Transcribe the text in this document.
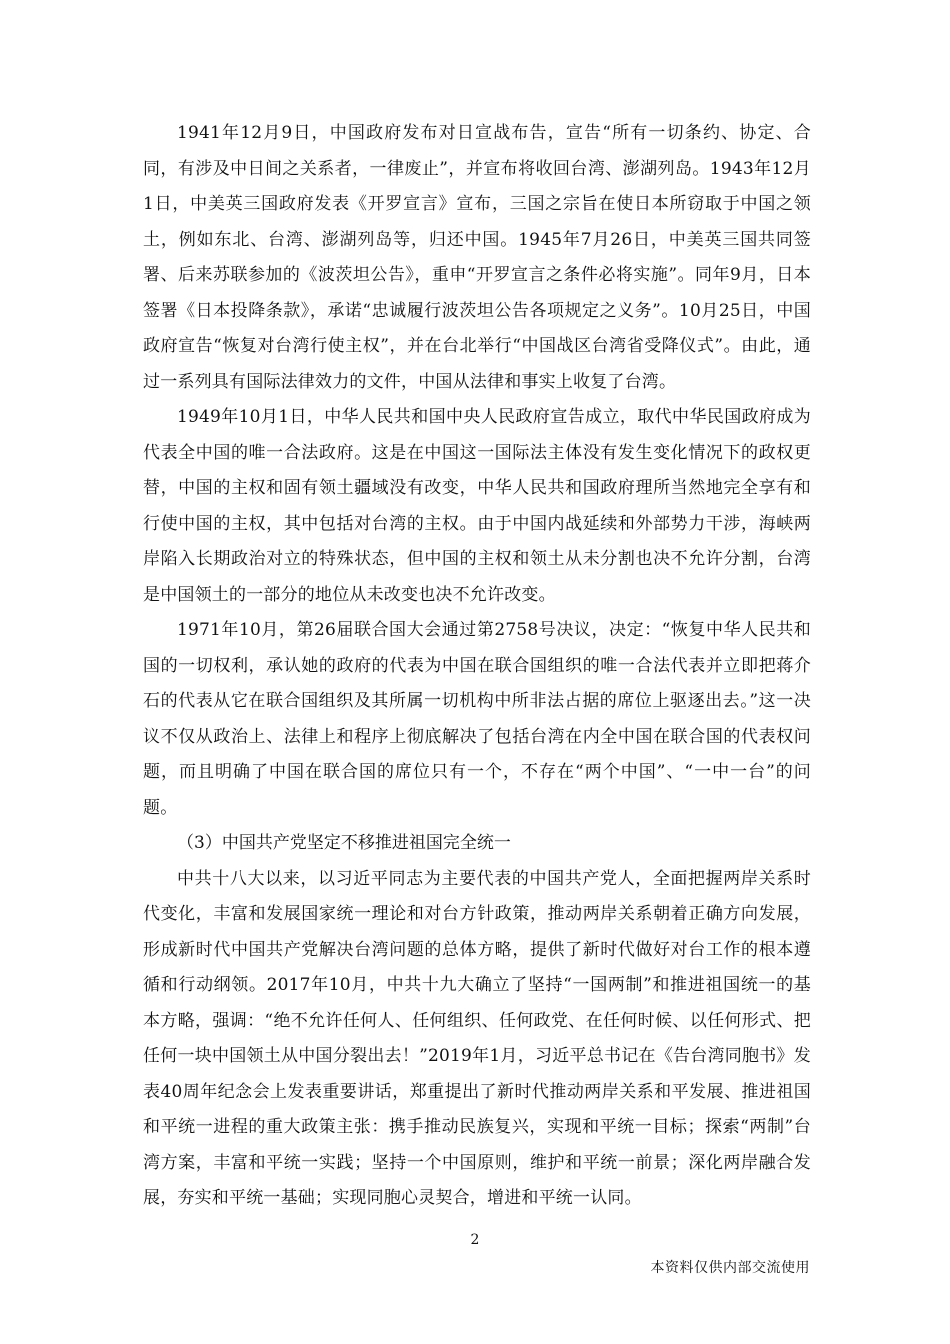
1941年12月9日，中国政府发布对日宣战布告，宣告“所有一切条约、协定、合同，有涉及中日间之关系者，一律废止”，并宣布将收回台湾、澎湖列岛。1943年12月1日，中美英三国政府发表《开罗宣言》宣布，三国之宗旨在使日本所窃取于中国之领土，例如东北、台湾、澎湖列岛等，归还中国。1945年7月26日，中美英三国共同签署、后来苏联参加的《波茨坦公告》，重申“开罗宣言之条件必将实施”。同年9月，日本签署《日本投降条款》，承诺“忠诚履行波茨坦公告各项规定之义务”。10月25日，中国政府宣告“恢复对台湾行使主权”，并在台北举行“中国战区台湾省受降仪式”。由此，通过一系列具有国际法律效力的文件，中国从法律和事实上收复了台湾。

1949年10月1日，中华人民共和国中央人民政府宣告成立，取代中华民国政府成为代表全中国的唯一合法政府。这是在中国这一国际法主体没有发生变化情况下的政权更替，中国的主权和固有领土疆域没有改变，中华人民共和国政府理所当然地完全享有和行使中国的主权，其中包括对台湾的主权。由于中国内战延续和外部势力干涉，海峡两岸陷入长期政治对立的特殊状态，但中国的主权和领土从未分割也决不允许分割，台湾是中国领土的一部分的地位从未改变也决不允许改变。

1971年10月，第26届联合国大会通过第2758号决议，决定：“恢复中华人民共和国的一切权利，承认她的政府的代表为中国在联合国组织的唯一合法代表并立即把蒋介石的代表从它在联合国组织及其所属一切机构中所非法占据的席位上驱逐出去。”这一决议不仅从政治上、法律上和程序上彻底解决了包括台湾在内全中国在联合国的代表权问题，而且明确了中国在联合国的席位只有一个，不存在“两个中国”、“一中一台”的问题。

（3）中国共产党坚定不移推进祖国完全统一

中共十八大以来，以习近平同志为主要代表的中国共产党人，全面把握两岸关系时代变化，丰富和发展国家统一理论和对台方针政策，推动两岸关系朝着正确方向发展，形成新时代中国共产党解决台湾问题的总体方略，提供了新时代做好对台工作的根本遵循和行动纲领。2017年10月，中共十九大确立了坚持“一国两制”和推进祖国统一的基本方略，强调：“绝不允许任何人、任何组织、任何政党、在任何时候、以任何形式、把任何一块中国领土从中国分裂出去！”2019年1月，习近平总书记在《告台湾同胞书》发表40周年纪念会上发表重要讲话，郑重提出了新时代推动两岸关系和平发展、推进祖国和平统一进程的重大政策主张：携手推动民族复兴，实现和平统一目标；探索“两制”台湾方案，丰富和平统一实践；坚持一个中国原则，维护和平统一前景；深化两岸融合发展，夯实和平统一基础；实现同胞心灵契合，增进和平统一认同。

2
本资料仅供内部交流使用
